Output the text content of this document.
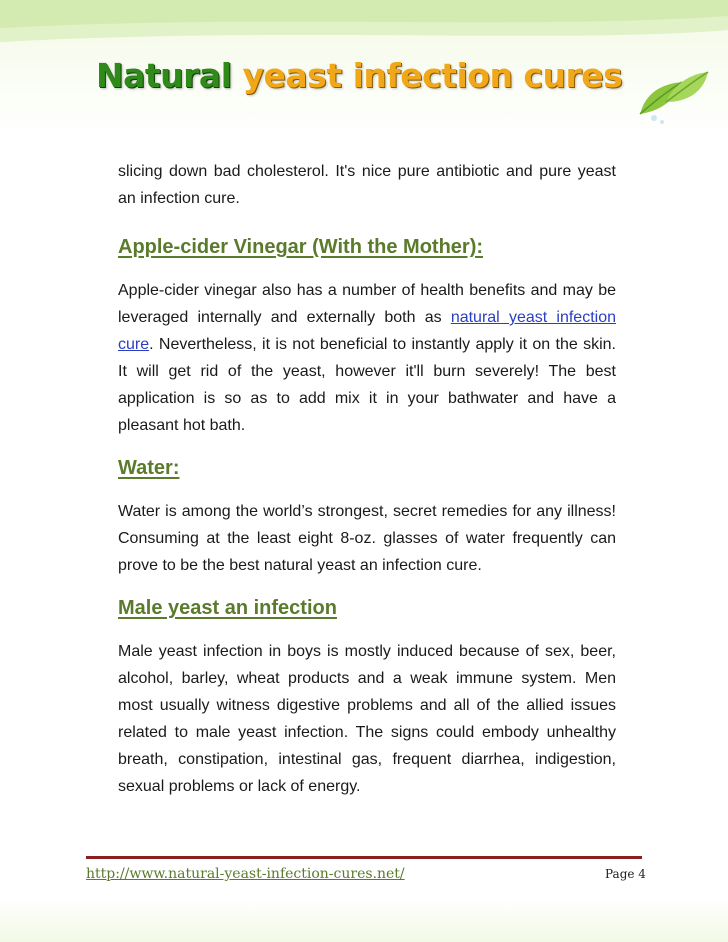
Natural yeast infection cures

slicing down bad cholesterol. It's nice pure antibiotic and pure yeast an infection cure.

Apple-cider Vinegar (With the Mother):

Apple-cider vinegar also has a number of health benefits and may be leveraged internally and externally both as natural yeast infection cure. Nevertheless, it is not beneficial to instantly apply it on the skin. It will get rid of the yeast, however it'll burn severely! The best application is so as to add mix it in your bathwater and have a pleasant hot bath.

Water:

Water is among the world’s strongest, secret remedies for any illness! Consuming at the least eight 8-oz. glasses of water frequently can prove to be the best natural yeast an infection cure.

Male yeast an infection

Male yeast infection in boys is mostly induced because of sex, beer, alcohol, barley, wheat products and a weak immune system. Men most usually witness digestive problems and all of the allied issues related to male yeast infection. The signs could embody unhealthy breath, constipation, intestinal gas, frequent diarrhea, indigestion, sexual problems or lack of energy.

http://www.natural-yeast-infection-cures.net/	Page 4
